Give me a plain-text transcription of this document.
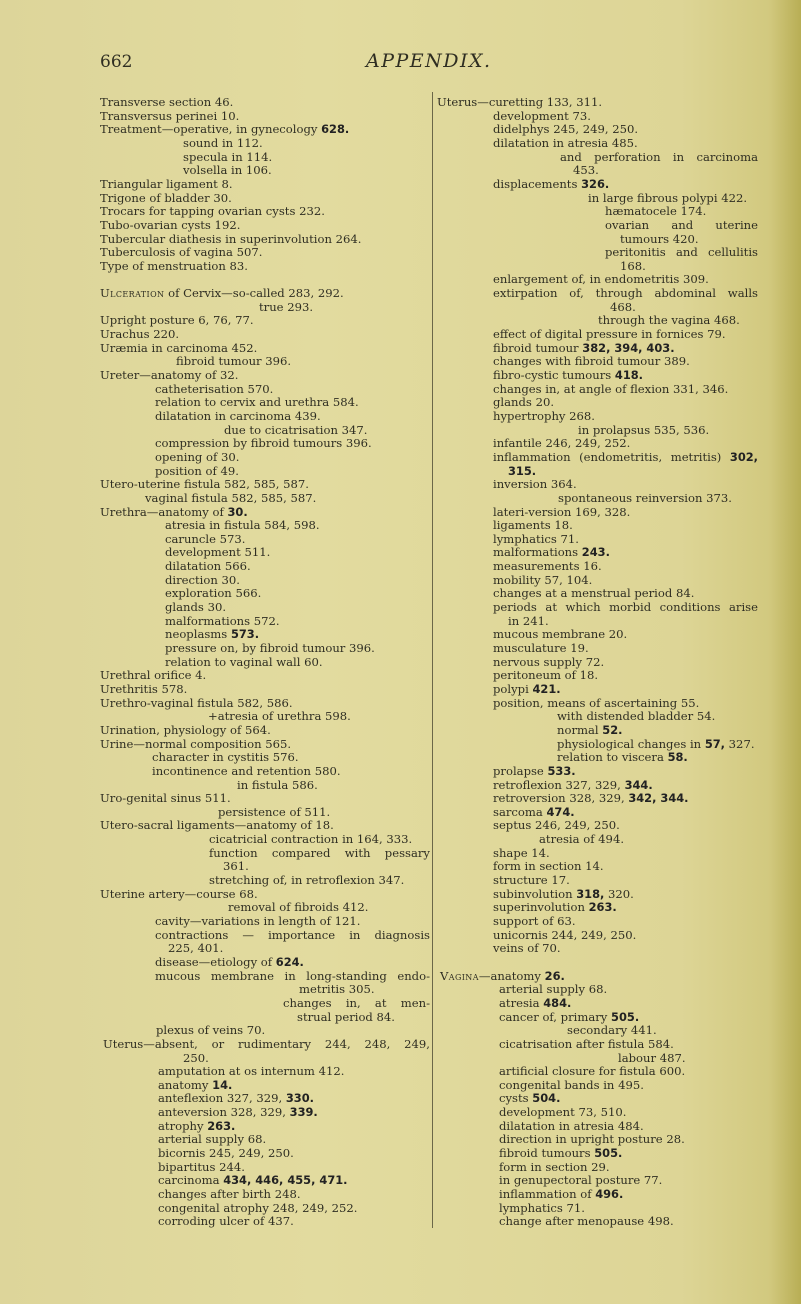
662	APPENDIX.
Transverse section 46.
Transversus perinei 10.
Treatment—operative, in gynecology 628.
sound in 112.
specula in 114.
volsella in 106.
Triangular ligament 8.
Trigone of bladder 30.
Trocars for tapping ovarian cysts 232.
Tubo-ovarian cysts 192.
Tubercular diathesis in superinvolution 264.
Tuberculosis of vagina 507.
Type of menstruation 83.
Ulceration of Cervix—so-called 283, 292.
true 293.
Upright posture 6, 76, 77.
Urachus 220.
Uræmia in carcinoma 452.
fibroid tumour 396.
Ureter—anatomy of 32.
catheterisation 570.
relation to cervix and urethra 584.
dilatation in carcinoma 439.
due to cicatrisation 347.
compression by fibroid tumours 396.
opening of 30.
position of 49.
Utero-uterine fistula 582, 585, 587.
vaginal fistula 582, 585, 587.
Urethra—anatomy of 30.
atresia in fistula 584, 598.
caruncle 573.
development 511.
dilatation 566.
direction 30.
exploration 566.
glands 30.
malformations 572.
neoplasms 573.
pressure on, by fibroid tumour 396.
relation to vaginal wall 60.
Urethral orifice 4.
Urethritis 578.
Urethro-vaginal fistula 582, 586.
+atresia of urethra 598.
Urination, physiology of 564.
Urine—normal composition 565.
character in cystitis 576.
incontinence and retention 580.
in fistula 586.
Uro-genital sinus 511.
persistence of 511.
Utero-sacral ligaments—anatomy of 18.
cicatricial contraction in 164, 333.
function compared with pessary
361.
stretching of, in retroflexion 347.
Uterine artery—course 68.
removal of fibroids 412.
cavity—variations in length of 121.
contractions — importance in diagnosis
225, 401.
disease—etiology of 624.
mucous membrane in long-standing endo-
metritis 305.
changes in, at men-
strual period 84.
plexus of veins 70.
Uterus—absent, or rudimentary 244, 248, 249,
250.
amputation at os internum 412.
anatomy 14.
anteflexion 327, 329, 330.
anteversion 328, 329, 339.
atrophy 263.
arterial supply 68.
bicornis 245, 249, 250.
bipartitus 244.
carcinoma 434, 446, 455, 471.
changes after birth 248.
congenital atrophy 248, 249, 252.
corroding ulcer of 437.
Uterus—curetting 133, 311.
development 73.
didelphys 245, 249, 250.
dilatation in atresia 485.
and perforation in carcinoma
453.
displacements 326.
in large fibrous polypi 422.
hæmatocele 174.
ovarian and uterine
tumours 420.
peritonitis and cellulitis
168.
enlargement of, in endometritis 309.
extirpation of, through abdominal walls
468.
through the vagina 468.
effect of digital pressure in fornices 79.
fibroid tumour 382, 394, 403.
changes with fibroid tumour 389.
fibro-cystic tumours 418.
changes in, at angle of flexion 331, 346.
glands 20.
hypertrophy 268.
in prolapsus 535, 536.
infantile 246, 249, 252.
inflammation (endometritis, metritis) 302,
315.
inversion 364.
spontaneous reinversion 373.
lateri-version 169, 328.
ligaments 18.
lymphatics 71.
malformations 243.
measurements 16.
mobility 57, 104.
changes at a menstrual period 84.
periods at which morbid conditions arise
in 241.
mucous membrane 20.
musculature 19.
nervous supply 72.
peritoneum of 18.
polypi 421.
position, means of ascertaining 55.
with distended bladder 54.
normal 52.
physiological changes in 57, 327.
relation to viscera 58.
prolapse 533.
retroflexion 327, 329, 344.
retroversion 328, 329, 342, 344.
sarcoma 474.
septus 246, 249, 250.
atresia of 494.
shape 14.
form in section 14.
structure 17.
subinvolution 318, 320.
superinvolution 263.
support of 63.
unicornis 244, 249, 250.
veins of 70.
Vagina—anatomy 26.
arterial supply 68.
atresia 484.
cancer of, primary 505.
secondary 441.
cicatrisation after fistula 584.
labour 487.
artificial closure for fistula 600.
congenital bands in 495.
cysts 504.
development 73, 510.
dilatation in atresia 484.
direction in upright posture 28.
fibroid tumours 505.
form in section 29.
in genupectoral posture 77.
inflammation of 496.
lymphatics 71.
change after menopause 498.
